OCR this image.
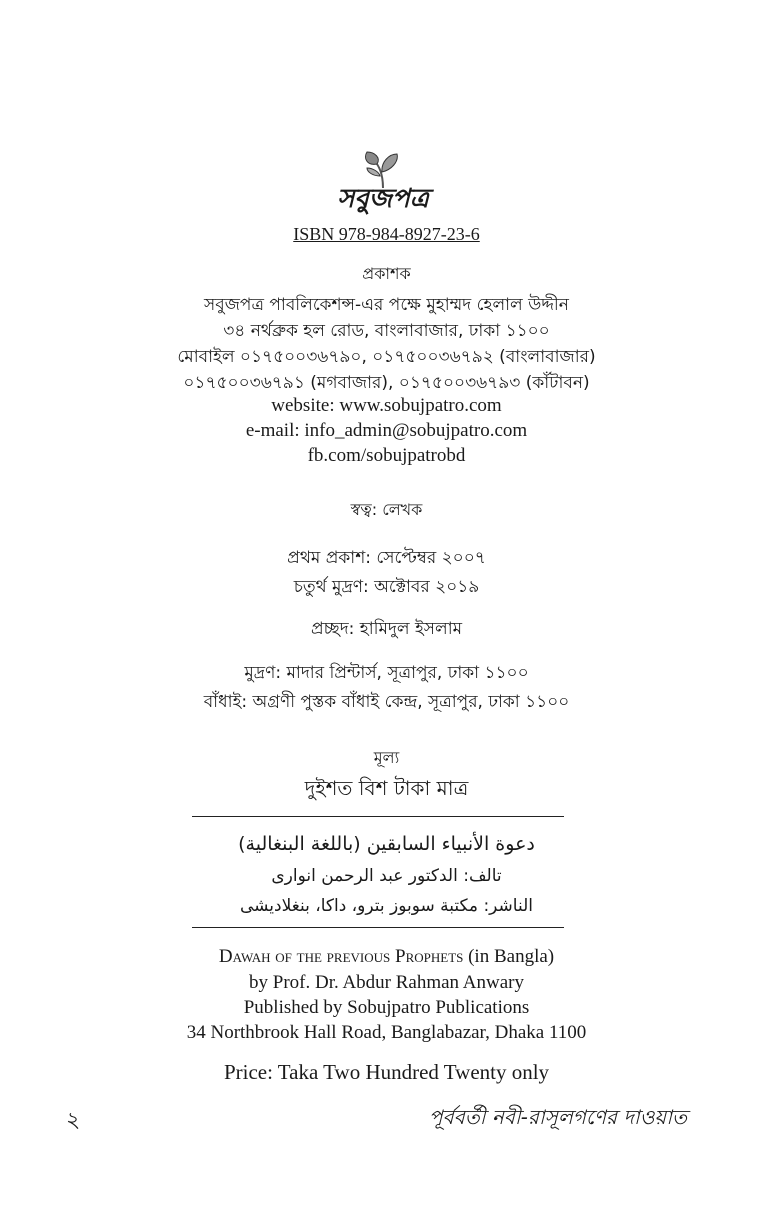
সবুজপত্র
ISBN 978-984-8927-23-6
প্রকাশক
সবুজপত্র পাবলিকেশন্স-এর পক্ষে মুহাম্মদ হেলাল উদ্দীন
৩৪ নর্থব্রুক হল রোড, বাংলাবাজার, ঢাকা ১১০০
মোবাইল ০১৭৫০০৩৬৭৯০, ০১৭৫০০৩৬৭৯২ (বাংলাবাজার)
০১৭৫০০৩৬৭৯১ (মগবাজার), ০১৭৫০০৩৬৭৯৩ (কাঁটাবন)
website: www.sobujpatro.com
e-mail: info_admin@sobujpatro.com
fb.com/sobujpatrobd
স্বত্ব: লেখক
প্রথম প্রকাশ: সেপ্টেম্বর ২০০৭
চতুর্থ মুদ্রণ: অক্টোবর ২০১৯
প্রচ্ছদ: হামিদুল ইসলাম
মুদ্রণ: মাদার প্রিন্টার্স, সূত্রাপুর, ঢাকা ১১০০
বাঁধাই: অগ্রণী পুস্তক বাঁধাই কেন্দ্র, সূত্রাপুর, ঢাকা ১১০০
মূল্য
দুইশত বিশ টাকা মাত্র
دعوة الأنبياء السابقين (باللغة البنغالية)
تالف: الدكتور عبد الرحمن انوارى
الناشر: مكتبة سوبوز بترو، داكا، بنغلاديشى
Dawah of the previous Prophets (in Bangla)
by Prof. Dr. Abdur Rahman Anwary
Published by Sobujpatro Publications
34 Northbrook Hall Road, Banglabazar, Dhaka 1100
Price: Taka Two Hundred Twenty only
২	পূর্ববর্তী নবী-রাসূলগণের দাওয়াত
